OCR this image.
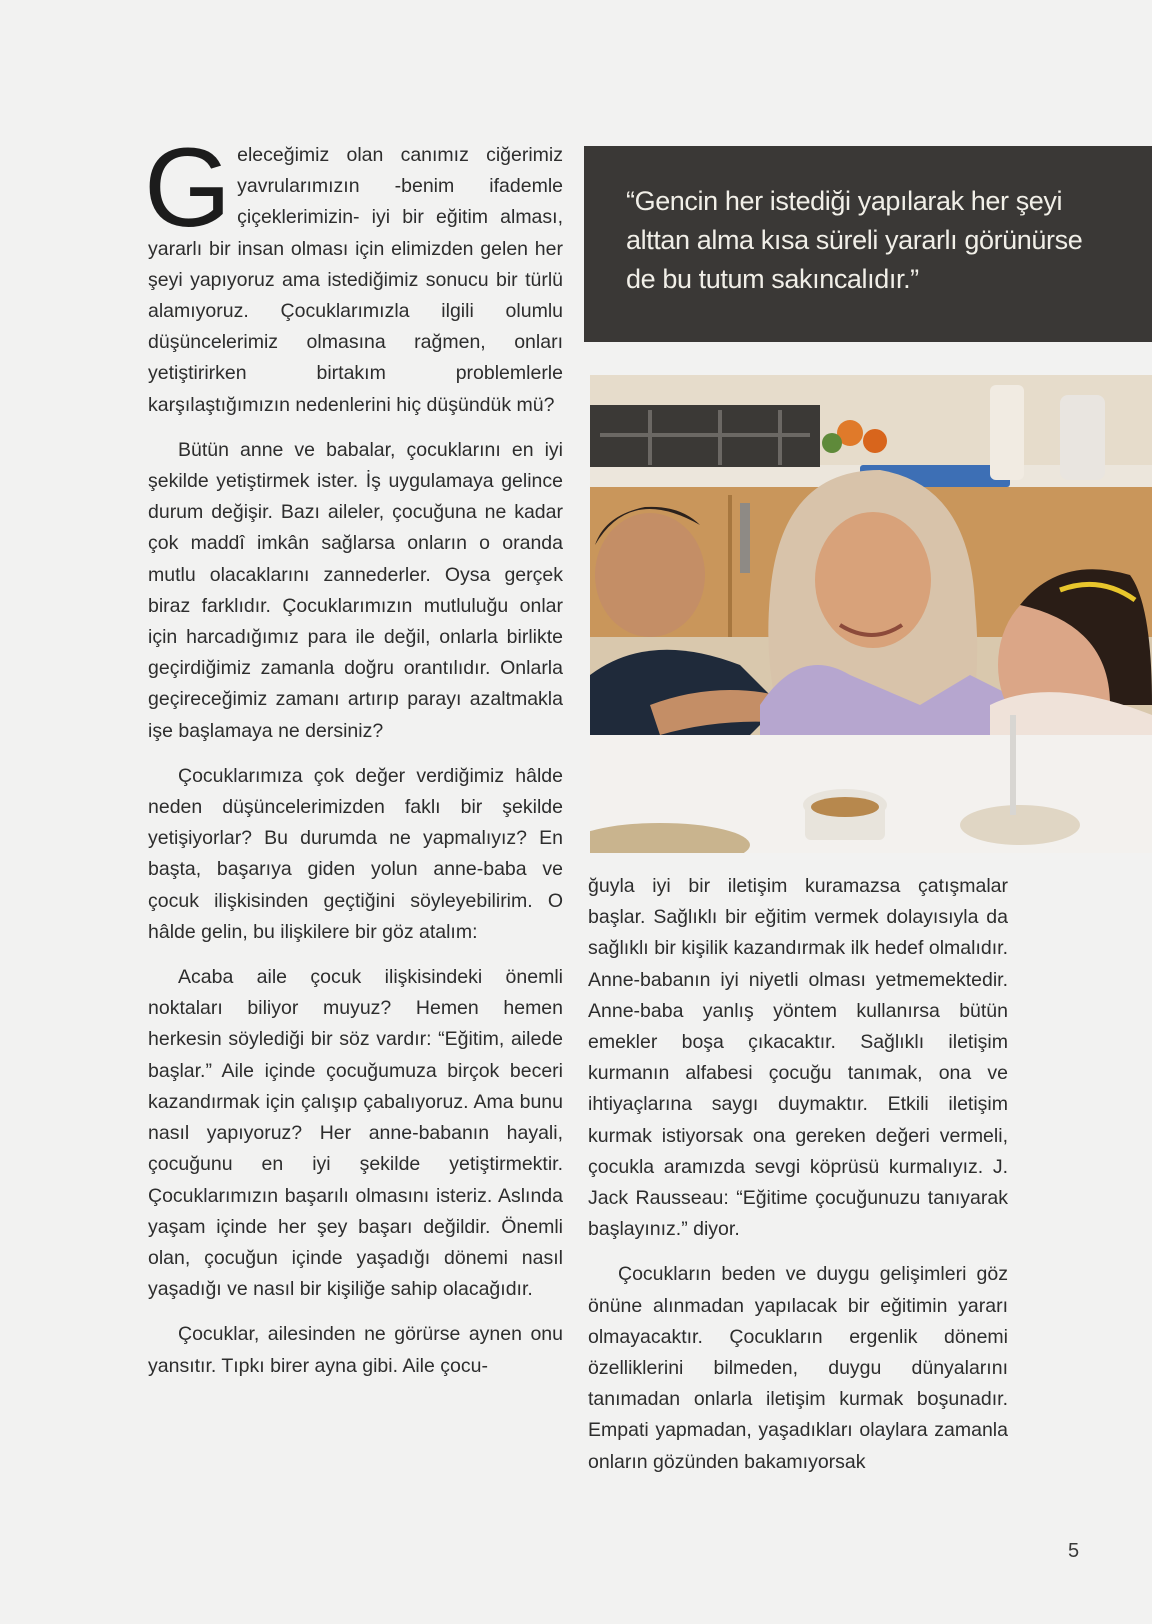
Geleceğimiz olan canımız ciğerimiz yavrularımızın -benim ifademle çiçeklerimizin- iyi bir eğitim alması, yararlı bir insan olması için elimizden gelen her şeyi yapıyoruz ama istediğimiz sonucu bir türlü alamıyoruz. Çocuklarımızla ilgili olumlu düşüncelerimiz olmasına rağmen, onları yetiştirirken birtakım problemlerle karşılaştığımızın nedenlerini hiç düşündük mü?

Bütün anne ve babalar, çocuklarını en iyi şekilde yetiştirmek ister. İş uygulamaya gelince durum değişir. Bazı aileler, çocuğuna ne kadar çok maddî imkân sağlarsa onların o oranda mutlu olacaklarını zannederler. Oysa gerçek biraz farklıdır. Çocuklarımızın mutluluğu onlar için harcadığımız para ile değil, onlarla birlikte geçirdiğimiz zamanla doğru orantılıdır. Onlarla geçireceğimiz zamanı artırıp parayı azaltmakla işe başlamaya ne dersiniz?

Çocuklarımıza çok değer verdiğimiz hâlde neden düşüncelerimizden faklı bir şekilde yetişiyorlar? Bu durumda ne yapmalıyız? En başta, başarıya giden yolun anne-baba ve çocuk ilişkisinden geçtiğini söyleyebilirim. O hâlde gelin, bu ilişkilere bir göz atalım:

Acaba aile çocuk ilişkisindeki önemli noktaları biliyor muyuz? Hemen hemen herkesin söylediği bir söz vardır: “Eğitim, ailede başlar.” Aile içinde çocuğumuza birçok beceri kazandırmak için çalışıp çabalıyoruz. Ama bunu nasıl yapıyoruz? Her anne-babanın hayali, çocuğunu en iyi şekilde yetiştirmektir. Çocuklarımızın başarılı olmasını isteriz. Aslında yaşam içinde her şey başarı değildir. Önemli olan, çocuğun içinde yaşadığı dönemi nasıl yaşadığı ve nasıl bir kişiliğe sahip olacağıdır.

Çocuklar, ailesinden ne görürse aynen onu yansıtır. Tıpkı birer ayna gibi. Aile çocu-

“Gencin her istediği yapılarak her şeyi alttan alma kısa süreli yararlı görünürse de bu tutum sakıncalıdır.”

ğuyla iyi bir iletişim kuramazsa çatışmalar başlar. Sağlıklı bir eğitim vermek dolayısıyla da sağlıklı bir kişilik kazandırmak ilk hedef olmalıdır. Anne-babanın iyi niyetli olması yetmemektedir. Anne-baba yanlış yöntem kullanırsa bütün emekler boşa çıkacaktır. Sağlıklı iletişim kurmanın alfabesi çocuğu tanımak, ona ve ihtiyaçlarına saygı duymaktır. Etkili iletişim kurmak istiyorsak ona gereken değeri vermeli, çocukla aramızda sevgi köprüsü kurmalıyız. J. Jack Rausseau: “Eğitime çocuğunuzu tanıyarak başlayınız.” diyor.

Çocukların beden ve duygu gelişimleri göz önüne alınmadan yapılacak bir eğitimin yararı olmayacaktır. Çocukların ergenlik dönemi özelliklerini bilmeden, duygu dünyalarını tanımadan onlarla iletişim kurmak boşunadır. Empati yapmadan, yaşadıkları olaylara zamanla onların gözünden bakamıyorsak

5
